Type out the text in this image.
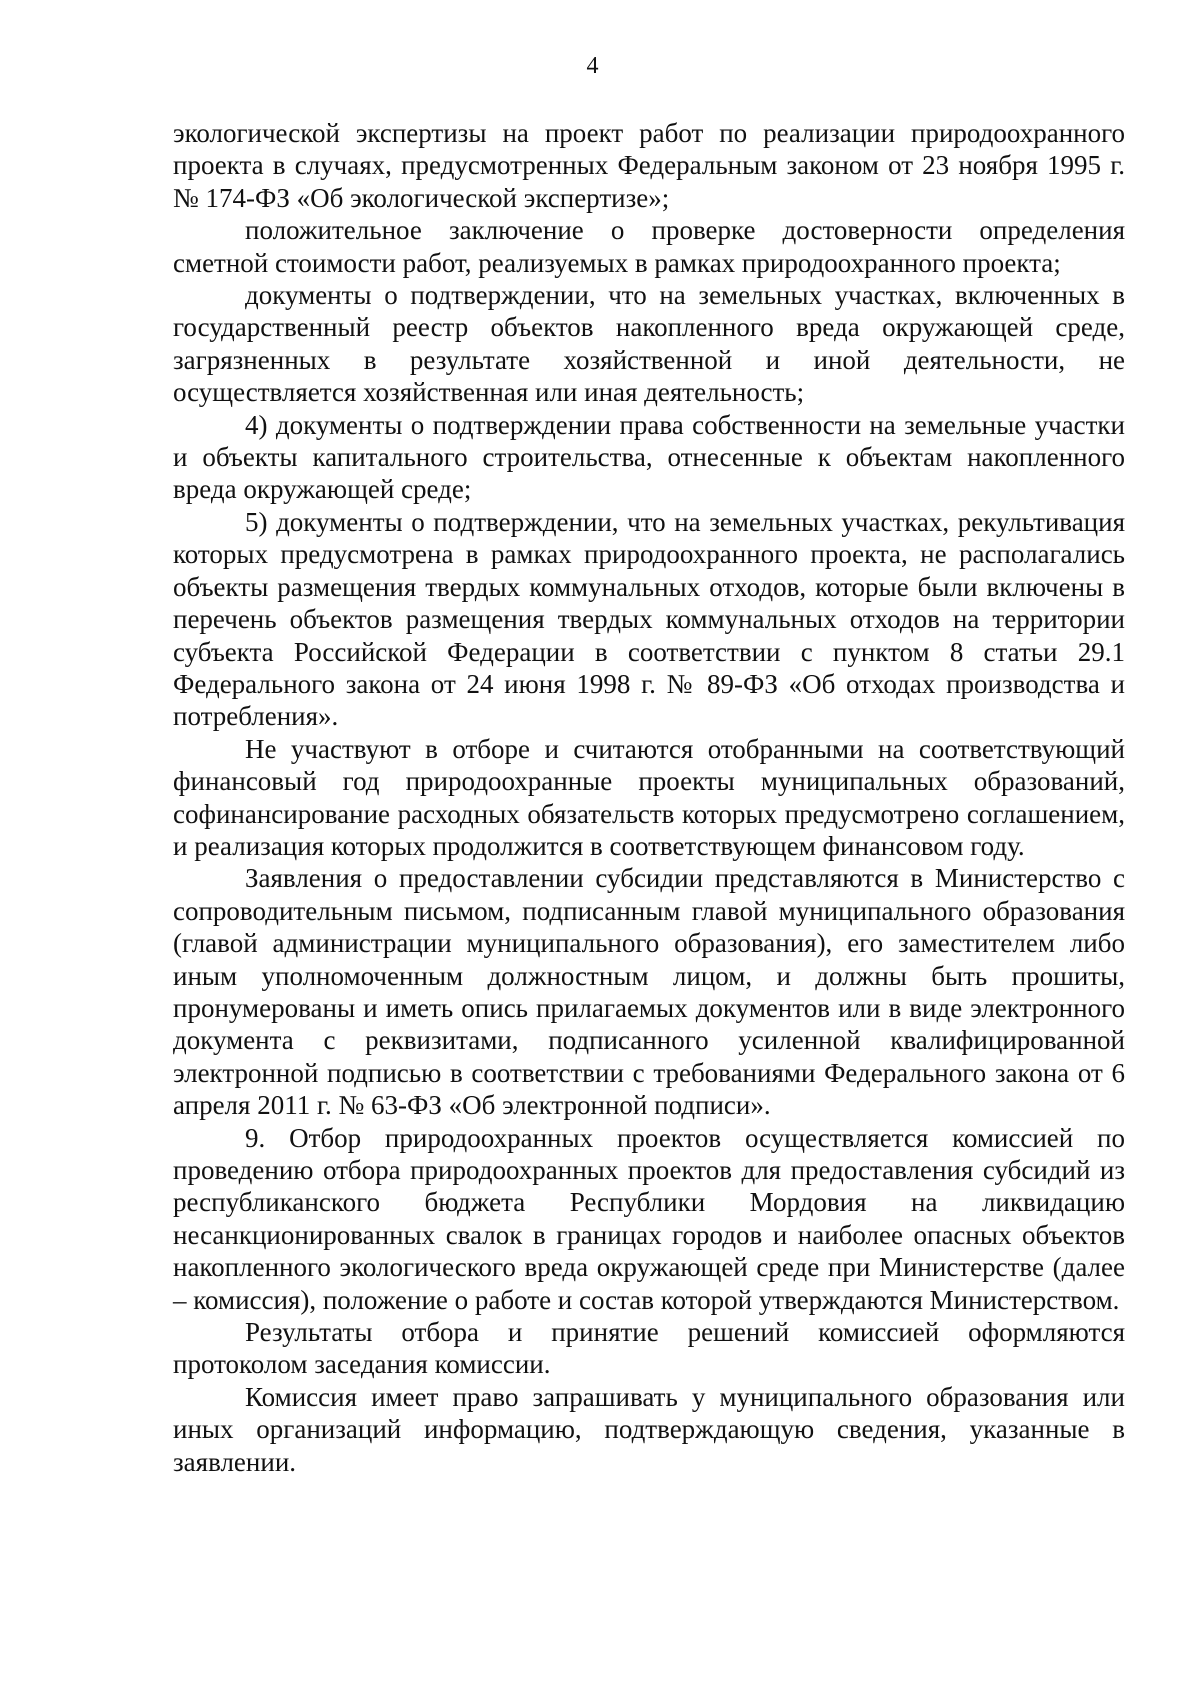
4

экологической экспертизы на проект работ по реализации природоохранного проекта в случаях, предусмотренных Федеральным законом от 23 ноября 1995 г. № 174-ФЗ «Об экологической экспертизе»;

положительное заключение о проверке достоверности определения сметной стоимости работ, реализуемых в рамках природоохранного проекта;

документы о подтверждении, что на земельных участках, включенных в государственный реестр объектов накопленного вреда окружающей среде, загрязненных в результате хозяйственной и иной деятельности, не осуществляется хозяйственная или иная деятельность;

4) документы о подтверждении права собственности на земельные участки и объекты капитального строительства, отнесенные к объектам накопленного вреда окружающей среде;

5) документы о подтверждении, что на земельных участках, рекультивация которых предусмотрена в рамках природоохранного проекта, не располагались объекты размещения твердых коммунальных отходов, которые были включены в перечень объектов размещения твердых коммунальных отходов на территории субъекта Российской Федерации в соответствии с пунктом 8 статьи 29.1 Федерального закона от 24 июня 1998 г. № 89-ФЗ «Об отходах производства и потребления».

Не участвуют в отборе и считаются отобранными на соответствующий финансовый год природоохранные проекты муниципальных образований, софинансирование расходных обязательств которых предусмотрено соглашением, и реализация которых продолжится в соответствующем финансовом году.

Заявления о предоставлении субсидии представляются в Министерство с сопроводительным письмом, подписанным главой муниципального образования (главой администрации муниципального образования), его заместителем либо иным уполномоченным должностным лицом, и должны быть прошиты, пронумерованы и иметь опись прилагаемых документов или в виде электронного документа с реквизитами, подписанного усиленной квалифицированной электронной подписью в соответствии с требованиями Федерального закона от 6 апреля 2011 г. № 63-ФЗ «Об электронной подписи».

9. Отбор природоохранных проектов осуществляется комиссией по проведению отбора природоохранных проектов для предоставления субсидий из республиканского бюджета Республики Мордовия на ликвидацию несанкционированных свалок в границах городов и наиболее опасных объектов накопленного экологического вреда окружающей среде при Министерстве (далее – комиссия), положение о работе и состав которой утверждаются Министерством.

Результаты отбора и принятие решений комиссией оформляются протоколом заседания комиссии.

Комиссия имеет право запрашивать у муниципального образования или иных организаций информацию, подтверждающую сведения, указанные в заявлении.
